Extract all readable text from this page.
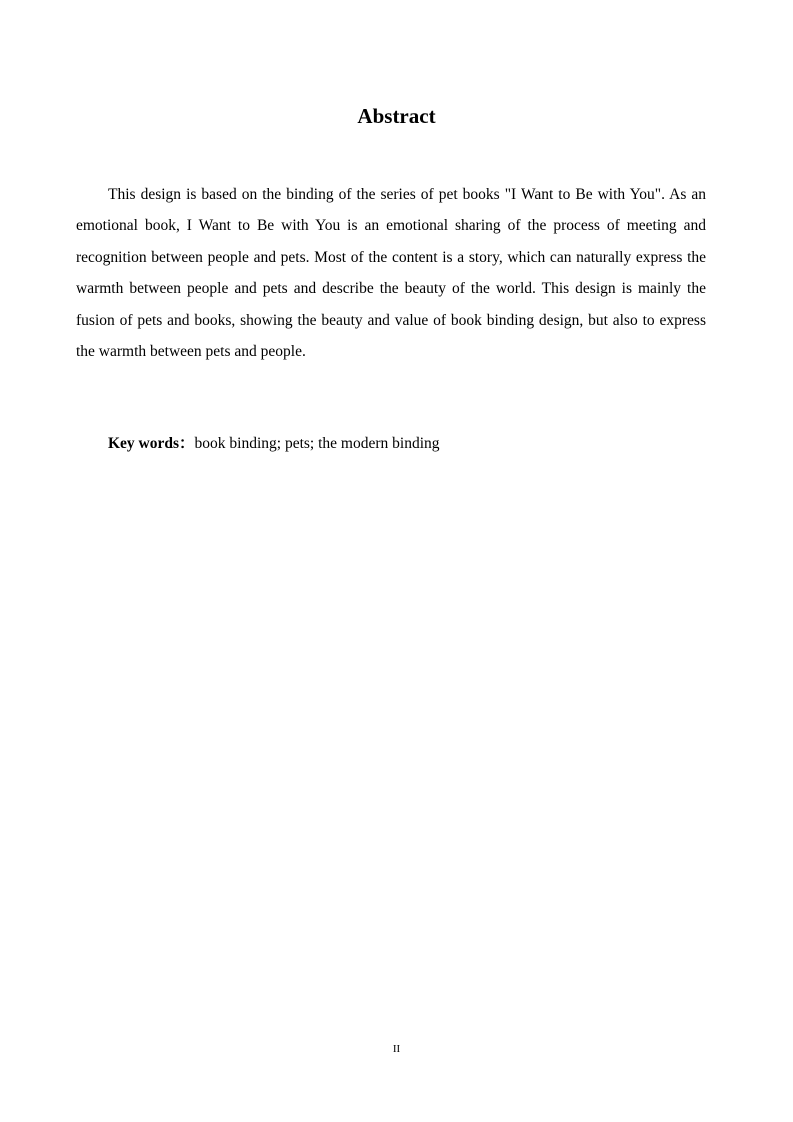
Abstract

This design is based on the binding of the series of pet books "I Want to Be with You". As an emotional book, I Want to Be with You is an emotional sharing of the process of meeting and recognition between people and pets. Most of the content is a story, which can naturally express the warmth between people and pets and describe the beauty of the world. This design is mainly the fusion of pets and books, showing the beauty and value of book binding design, but also to express the warmth between pets and people.

Key words：book binding; pets; the modern binding

II
